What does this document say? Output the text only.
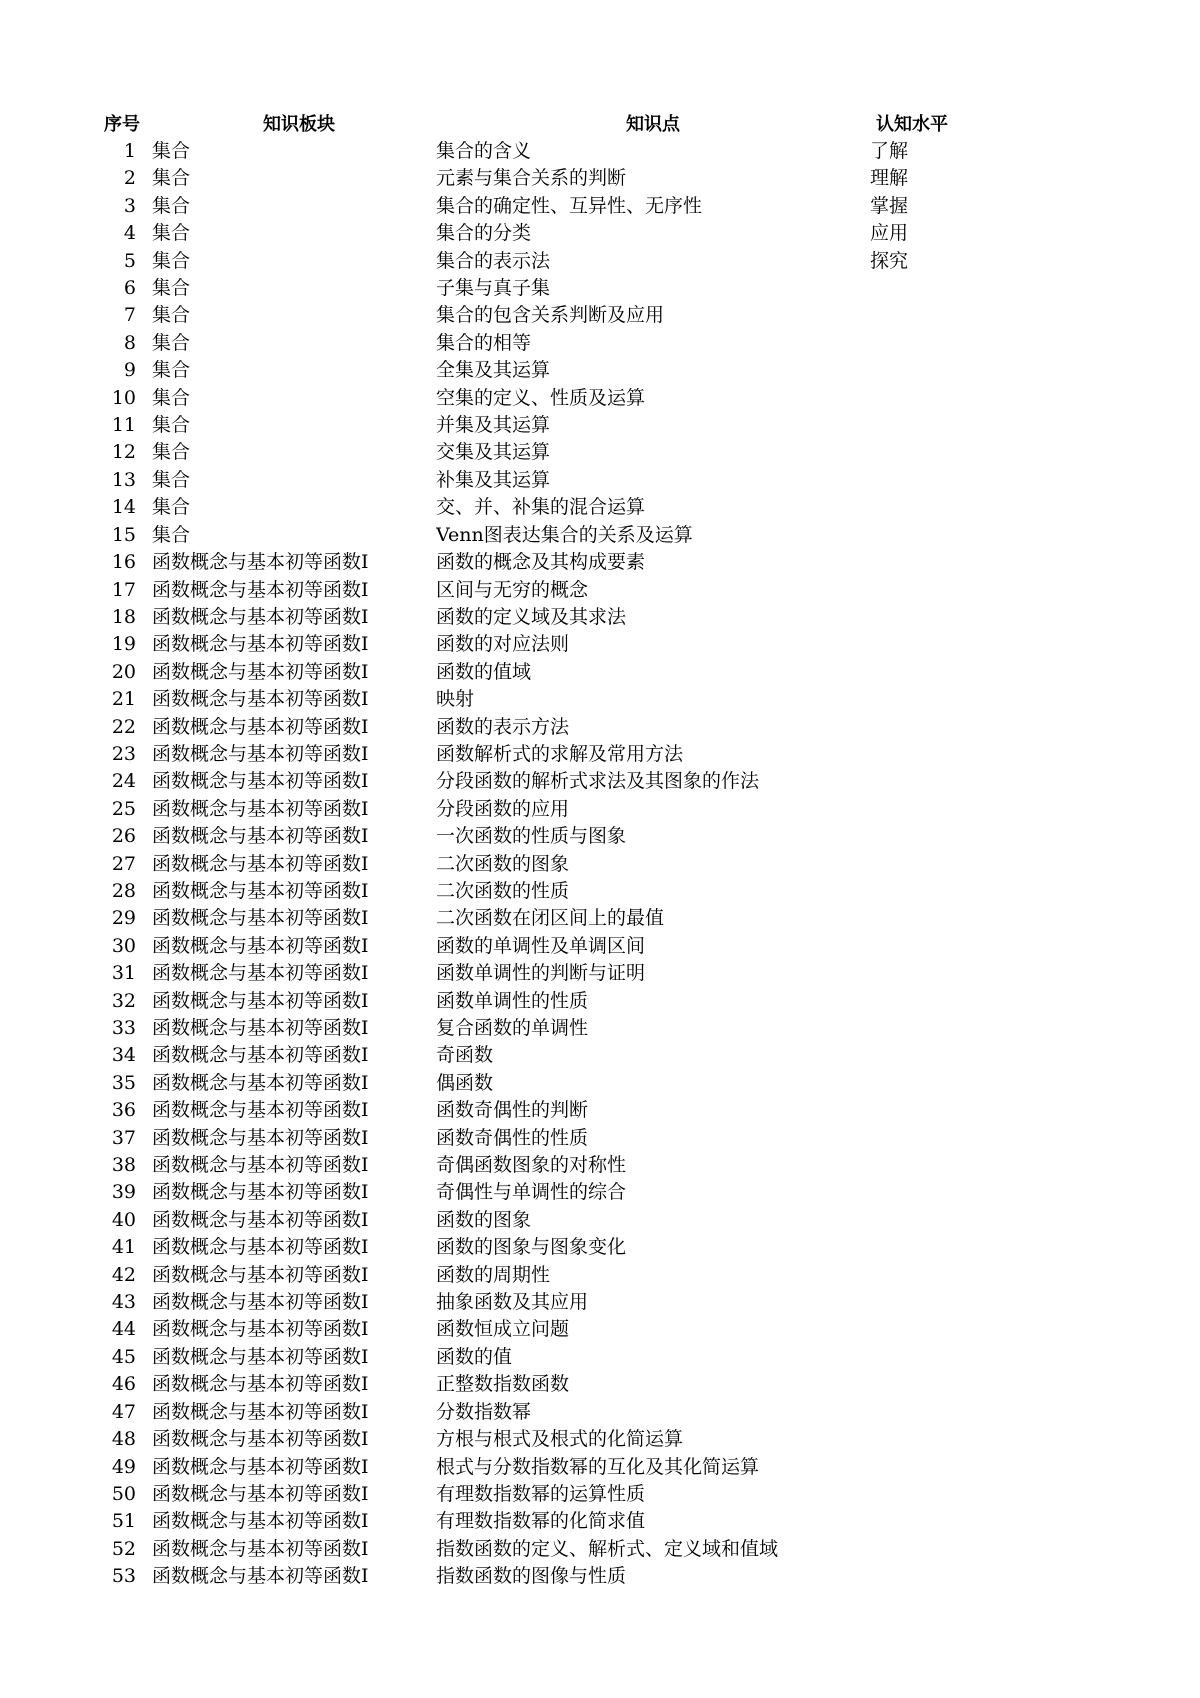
序号	知识板块	知识点	认知水平
1	集合	集合的含义	了解
2	集合	元素与集合关系的判断	理解
3	集合	集合的确定性、互异性、无序性	掌握
4	集合	集合的分类	应用
5	集合	集合的表示法	探究
6	集合	子集与真子集	
7	集合	集合的包含关系判断及应用	
8	集合	集合的相等	
9	集合	全集及其运算	
10	集合	空集的定义、性质及运算	
11	集合	并集及其运算	
12	集合	交集及其运算	
13	集合	补集及其运算	
14	集合	交、并、补集的混合运算	
15	集合	Venn图表达集合的关系及运算	
16	函数概念与基本初等函数Ⅰ	函数的概念及其构成要素	
17	函数概念与基本初等函数Ⅰ	区间与无穷的概念	
18	函数概念与基本初等函数Ⅰ	函数的定义域及其求法	
19	函数概念与基本初等函数Ⅰ	函数的对应法则	
20	函数概念与基本初等函数Ⅰ	函数的值域	
21	函数概念与基本初等函数Ⅰ	映射	
22	函数概念与基本初等函数Ⅰ	函数的表示方法	
23	函数概念与基本初等函数Ⅰ	函数解析式的求解及常用方法	
24	函数概念与基本初等函数Ⅰ	分段函数的解析式求法及其图象的作法	
25	函数概念与基本初等函数Ⅰ	分段函数的应用	
26	函数概念与基本初等函数Ⅰ	一次函数的性质与图象	
27	函数概念与基本初等函数Ⅰ	二次函数的图象	
28	函数概念与基本初等函数Ⅰ	二次函数的性质	
29	函数概念与基本初等函数Ⅰ	二次函数在闭区间上的最值	
30	函数概念与基本初等函数Ⅰ	函数的单调性及单调区间	
31	函数概念与基本初等函数Ⅰ	函数单调性的判断与证明	
32	函数概念与基本初等函数Ⅰ	函数单调性的性质	
33	函数概念与基本初等函数Ⅰ	复合函数的单调性	
34	函数概念与基本初等函数Ⅰ	奇函数	
35	函数概念与基本初等函数Ⅰ	偶函数	
36	函数概念与基本初等函数Ⅰ	函数奇偶性的判断	
37	函数概念与基本初等函数Ⅰ	函数奇偶性的性质	
38	函数概念与基本初等函数Ⅰ	奇偶函数图象的对称性	
39	函数概念与基本初等函数Ⅰ	奇偶性与单调性的综合	
40	函数概念与基本初等函数Ⅰ	函数的图象	
41	函数概念与基本初等函数Ⅰ	函数的图象与图象变化	
42	函数概念与基本初等函数Ⅰ	函数的周期性	
43	函数概念与基本初等函数Ⅰ	抽象函数及其应用	
44	函数概念与基本初等函数Ⅰ	函数恒成立问题	
45	函数概念与基本初等函数Ⅰ	函数的值	
46	函数概念与基本初等函数Ⅰ	正整数指数函数	
47	函数概念与基本初等函数Ⅰ	分数指数幂	
48	函数概念与基本初等函数Ⅰ	方根与根式及根式的化简运算	
49	函数概念与基本初等函数Ⅰ	根式与分数指数幂的互化及其化简运算	
50	函数概念与基本初等函数Ⅰ	有理数指数幂的运算性质	
51	函数概念与基本初等函数Ⅰ	有理数指数幂的化简求值	
52	函数概念与基本初等函数Ⅰ	指数函数的定义、解析式、定义域和值域	
53	函数概念与基本初等函数Ⅰ	指数函数的图像与性质	
